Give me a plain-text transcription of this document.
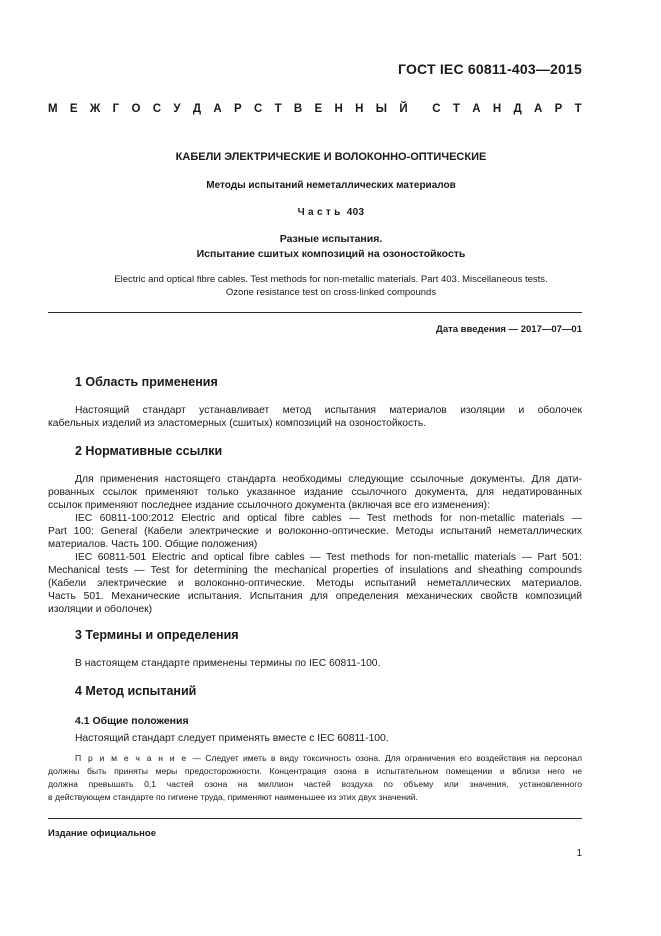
ГОСТ IEC 60811-403—2015
М Е Ж Г О С У Д А Р С Т В Е Н Н Ы Й С Т А Н Д А Р Т
КАБЕЛИ ЭЛЕКТРИЧЕСКИЕ И ВОЛОКОННО-ОПТИЧЕСКИЕ
Методы испытаний неметаллических материалов
Ч а с т ь  403
Разные испытания.
Испытание сшитых композиций на озоностойкость
Electric and optical fibre cables. Test methods for non-metallic materials. Part 403. Miscellaneous tests.
Ozone resistance test on cross-linked compounds
Дата введения — 2017—07—01
1 Область применения
Настоящий стандарт устанавливает метод испытания материалов изоляции и оболочек
кабельных изделий из эластомерных (сшитых) композиций на озоностойкость.
2 Нормативные ссылки
Для применения настоящего стандарта необходимы следующие ссылочные документы. Для дати-
рованных ссылок применяют только указанное издание ссылочного документа, для недатированных
ссылок применяют последнее издание ссылочного документа (включая все его изменения):
IEC 60811-100:2012 Electric and optical fibre cables — Test methods for non-metallic materials —
Part 100: General (Кабели электрические и волоконно-оптические. Методы испытаний неметаллических
материалов. Часть 100. Общие положения)
IEC 60811-501 Electric and optical fibre cables — Test methods for non-metallic materials — Part 501:
Mechanical tests — Test for determining the mechanical properties of insulations and sheathing compounds
(Кабели электрические и волоконно-оптические. Методы испытаний неметаллических материалов.
Часть 501. Механические испытания. Испытания для определения механических свойств композиций
изоляции и оболочек)
3 Термины и определения
В настоящем стандарте применены термины по IEC 60811-100.
4 Метод испытаний
4.1 Общие положения
Настоящий стандарт следует применять вместе с IEC 60811-100.
П р и м е ч а н и е — Следует иметь в виду токсичность озона. Для ограничения его воздействия на персонал
должны быть приняты меры предосторожности. Концентрация озона в испытательном помещении и вблизи него не
должна превышать 0,1 частей озона на миллион частей воздуха по объему или значения, установленного
в действующем стандарте по гигиене труда, применяют наименьшее из этих двух значений.
Издание официальное
1
